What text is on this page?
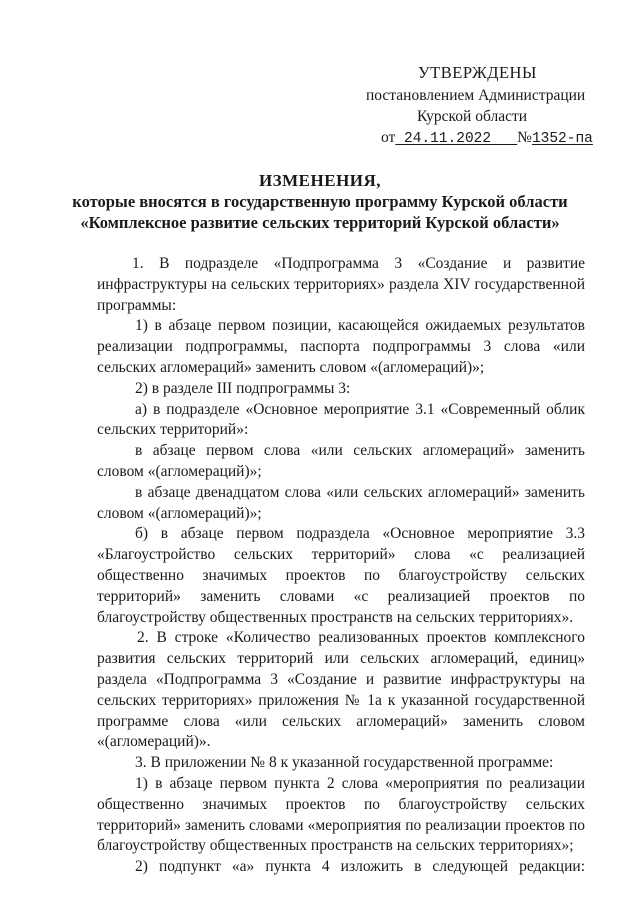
УТВЕРЖДЕНЫ
постановлением Администрации
Курской области
от 24.11.2022 №1352-па
ИЗМЕНЕНИЯ,
которые вносятся в государственную программу Курской области
«Комплексное развитие сельских территорий Курской области»

1. В подразделе «Подпрограмма 3 «Создание и развитие инфраструктуры на сельских территориях» раздела XIV государственной программы:

1) в абзаце первом позиции, касающейся ожидаемых результатов реализации подпрограммы, паспорта подпрограммы 3 слова «или сельских агломераций» заменить словом «(агломераций)»;

2) в разделе III подпрограммы 3:

а) в подразделе «Основное мероприятие 3.1 «Современный облик сельских территорий»:

в абзаце первом слова «или сельских агломераций» заменить словом «(агломераций)»;

в абзаце двенадцатом слова «или сельских агломераций» заменить словом «(агломераций)»;

б) в абзаце первом подраздела «Основное мероприятие 3.3 «Благоустройство сельских территорий» слова «с реализацией общественно значимых проектов по благоустройству сельских территорий» заменить словами «с реализацией проектов по благоустройству общественных пространств на сельских территориях».

2. В строке «Количество реализованных проектов комплексного развития сельских территорий или сельских агломераций, единиц» раздела «Подпрограмма 3 «Создание и развитие инфраструктуры на сельских территориях» приложения № 1а к указанной государственной программе слова «или сельских агломераций» заменить словом «(агломераций)».

3. В приложении № 8 к указанной государственной программе:

1) в абзаце первом пункта 2 слова «мероприятия по реализации общественно значимых проектов по благоустройству сельских территорий» заменить словами «мероприятия по реализации проектов по благоустройству общественных пространств на сельских территориях»;

2) подпункт «а» пункта 4 изложить в следующей редакции:
